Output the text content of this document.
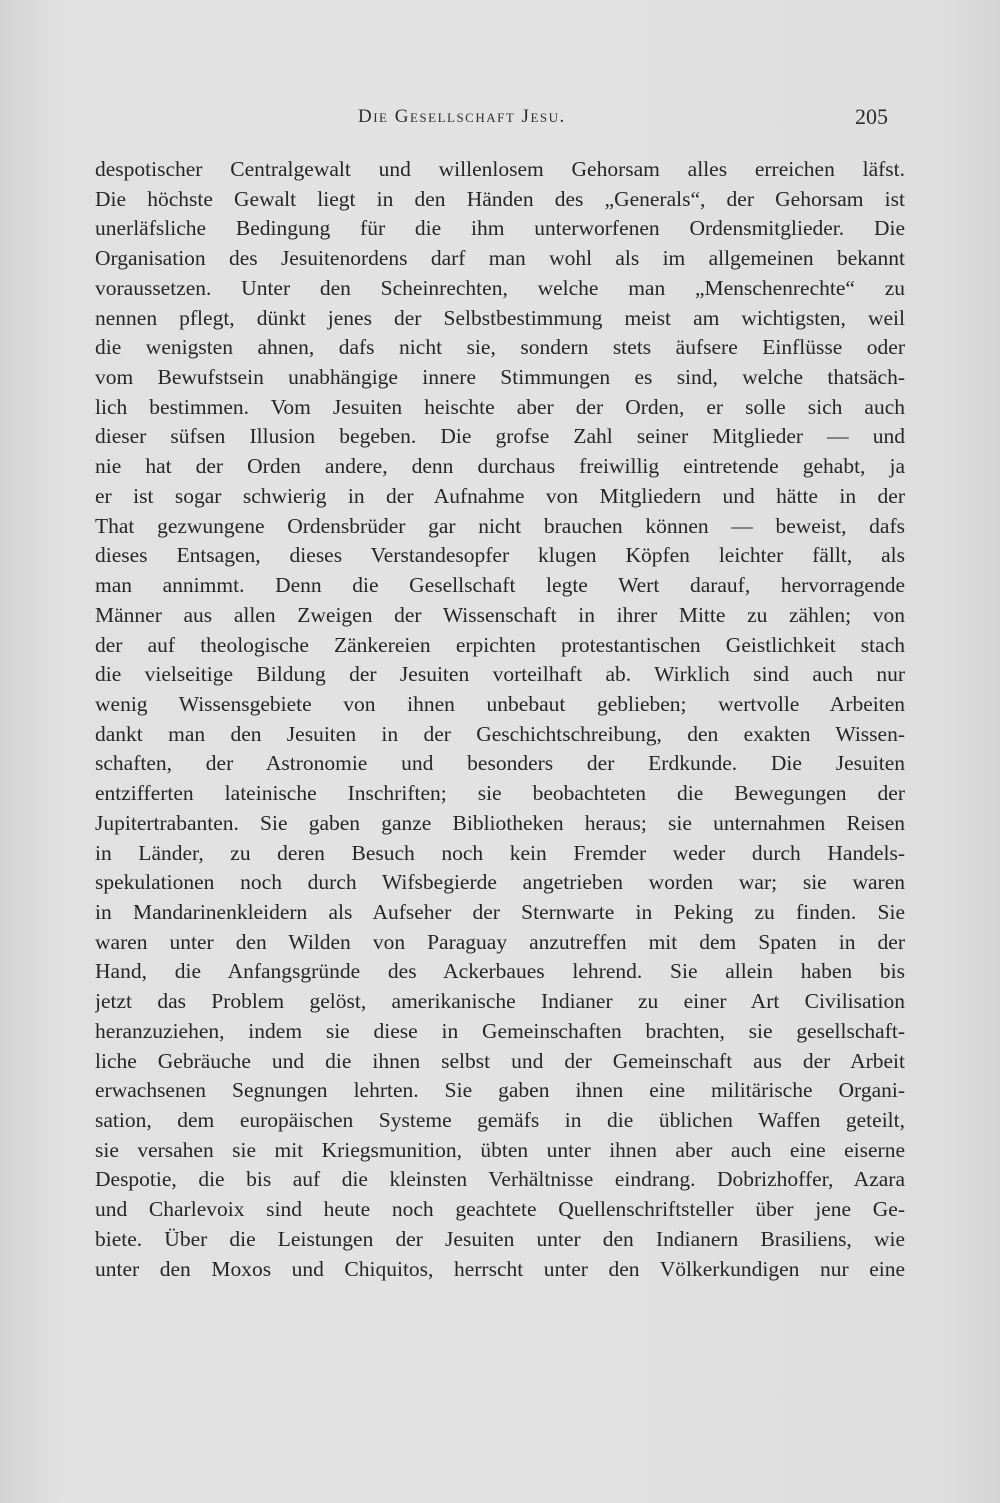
Die Gesellschaft Jesu.	205
despotischer Centralgewalt und willenlosem Gehorsam alles erreichen läfst.
Die höchste Gewalt liegt in den Händen des „Generals“, der Gehorsam ist
unerläfsliche Bedingung für die ihm unterworfenen Ordensmitglieder. Die
Organisation des Jesuitenordens darf man wohl als im allgemeinen bekannt
voraussetzen. Unter den Scheinrechten, welche man „Menschenrechte“ zu
nennen pflegt, dünkt jenes der Selbstbestimmung meist am wichtigsten, weil
die wenigsten ahnen, dafs nicht sie, sondern stets äufsere Einflüsse oder
vom Bewufstsein unabhängige innere Stimmungen es sind, welche thatsäch-
lich bestimmen. Vom Jesuiten heischte aber der Orden, er solle sich auch
dieser süfsen Illusion begeben. Die grofse Zahl seiner Mitglieder — und
nie hat der Orden andere, denn durchaus freiwillig eintretende gehabt, ja
er ist sogar schwierig in der Aufnahme von Mitgliedern und hätte in der
That gezwungene Ordensbrüder gar nicht brauchen können — beweist, dafs
dieses Entsagen, dieses Verstandesopfer klugen Köpfen leichter fällt, als
man annimmt. Denn die Gesellschaft legte Wert darauf, hervorragende
Männer aus allen Zweigen der Wissenschaft in ihrer Mitte zu zählen; von
der auf theologische Zänkereien erpichten protestantischen Geistlichkeit stach
die vielseitige Bildung der Jesuiten vorteilhaft ab. Wirklich sind auch nur
wenig Wissensgebiete von ihnen unbebaut geblieben; wertvolle Arbeiten
dankt man den Jesuiten in der Geschichtschreibung, den exakten Wissen-
schaften, der Astronomie und besonders der Erdkunde. Die Jesuiten
entzifferten lateinische Inschriften; sie beobachteten die Bewegungen der
Jupitertrabanten. Sie gaben ganze Bibliotheken heraus; sie unternahmen Reisen
in Länder, zu deren Besuch noch kein Fremder weder durch Handels-
spekulationen noch durch Wifsbegierde angetrieben worden war; sie waren
in Mandarinenkleidern als Aufseher der Sternwarte in Peking zu finden. Sie
waren unter den Wilden von Paraguay anzutreffen mit dem Spaten in der
Hand, die Anfangsgründe des Ackerbaues lehrend. Sie allein haben bis
jetzt das Problem gelöst, amerikanische Indianer zu einer Art Civilisation
heranzuziehen, indem sie diese in Gemeinschaften brachten, sie gesellschaft-
liche Gebräuche und die ihnen selbst und der Gemeinschaft aus der Arbeit
erwachsenen Segnungen lehrten. Sie gaben ihnen eine militärische Organi-
sation, dem europäischen Systeme gemäfs in die üblichen Waffen geteilt,
sie versahen sie mit Kriegsmunition, übten unter ihnen aber auch eine eiserne
Despotie, die bis auf die kleinsten Verhältnisse eindrang. Dobrizhoffer, Azara
und Charlevoix sind heute noch geachtete Quellenschriftsteller über jene Ge-
biete. Über die Leistungen der Jesuiten unter den Indianern Brasiliens, wie
unter den Moxos und Chiquitos, herrscht unter den Völkerkundigen nur eine
